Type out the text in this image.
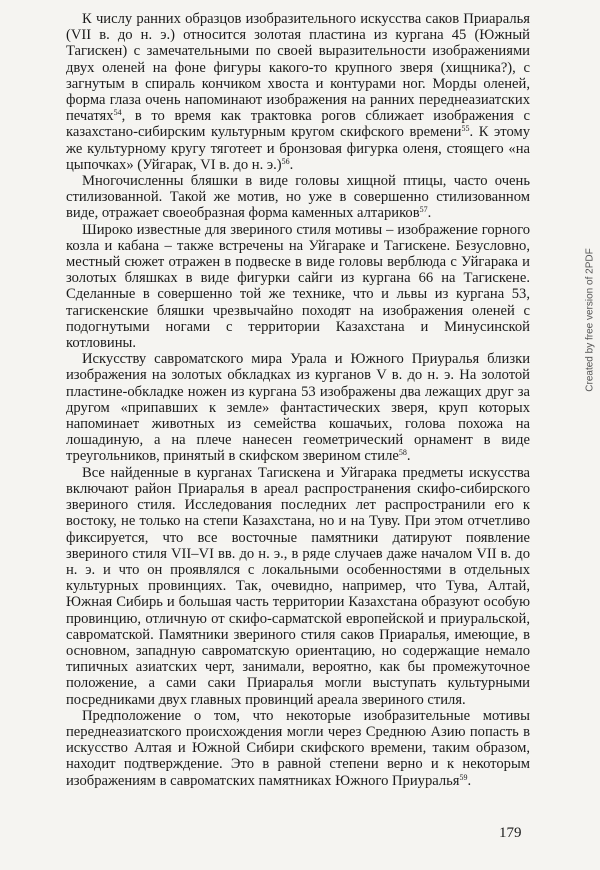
К числу ранних образцов изобразительного искусства саков Приаралья (VII в. до н. э.) относится золотая пластина из кургана 45 (Южный Тагискен) с замечательными по своей выразительности изображениями двух оленей на фоне фигуры какого-то крупного зверя (хищника?), с загнутым в спираль кончиком хвоста и контурами ног. Морды оленей, форма глаза очень напоминают изображения на ранних переднеазиатских печатях$^{54}$, в то время как трактовка рогов сближает изображения с казахстано-сибирским культурным кругом скифского времени$^{55}$. К этому же культурному кругу тяготеет и бронзовая фигурка оленя, стоящего «на цыпочках» (Уйгарак, VI в. до н. э.)$^{56}$.

Многочисленны бляшки в виде головы хищной птицы, часто очень стилизованной. Такой же мотив, но уже в совершенно стилизованном виде, отражает своеобразная форма каменных алтариков$^{57}$.

Широко известные для звериного стиля мотивы – изображение горного козла и кабана – также встречены на Уйгараке и Тагискене. Безусловно, местный сюжет отражен в подвеске в виде головы верблюда с Уйгарака и золотых бляшках в виде фигурки сайги из кургана 66 на Тагискене. Сделанные в совершенно той же технике, что и львы из кургана 53, тагискенские бляшки чрезвычайно походят на изображения оленей с подогнутыми ногами с территории Казахстана и Минусинской котловины.

Искусству савроматского мира Урала и Южного Приуралья близки изображения на золотых обкладках из курганов V в. до н. э. На золотой пластине-обкладке ножен из кургана 53 изображены два лежащих друг за другом «припавших к земле» фантастических зверя, круп которых напоминает животных из семейства кошачьих, голова похожа на лошадиную, а на плече нанесен геометрический орнамент в виде треугольников, принятый в скифском зверином стиле$^{58}$.

Все найденные в курганах Тагискена и Уйгарака предметы искусства включают район Приаралья в ареал распространения скифо-сибирского звериного стиля. Исследования последних лет распространили его к востоку, не только на степи Казахстана, но и на Туву. При этом отчетливо фиксируется, что все восточные памятники датируют появление звериного стиля VII–VI вв. до н. э., в ряде случаев даже началом VII в. до н. э. и что он проявлялся с локальными особенностями в отдельных культурных провинциях. Так, очевидно, например, что Тува, Алтай, Южная Сибирь и большая часть территории Казахстана образуют особую провинцию, отличную от скифо-сарматской европейской и приуральской, савроматской. Памятники звериного стиля саков Приаралья, имеющие, в основном, западную савроматскую ориентацию, но содержащие немало типичных азиатских черт, занимали, вероятно, как бы промежуточное положение, а сами саки Приаралья могли выступать культурными посредниками двух главных провинций ареала звериного стиля.

Предположение о том, что некоторые изобразительные мотивы переднеазиатского происхождения могли через Среднюю Азию попасть в искусство Алтая и Южной Сибири скифского времени, таким образом, находит подтверждение. Это в равной степени верно и к некоторым изображениям в савроматских памятниках Южного Приуралья$^{59}$.

179
Created by free version of 2PDF
